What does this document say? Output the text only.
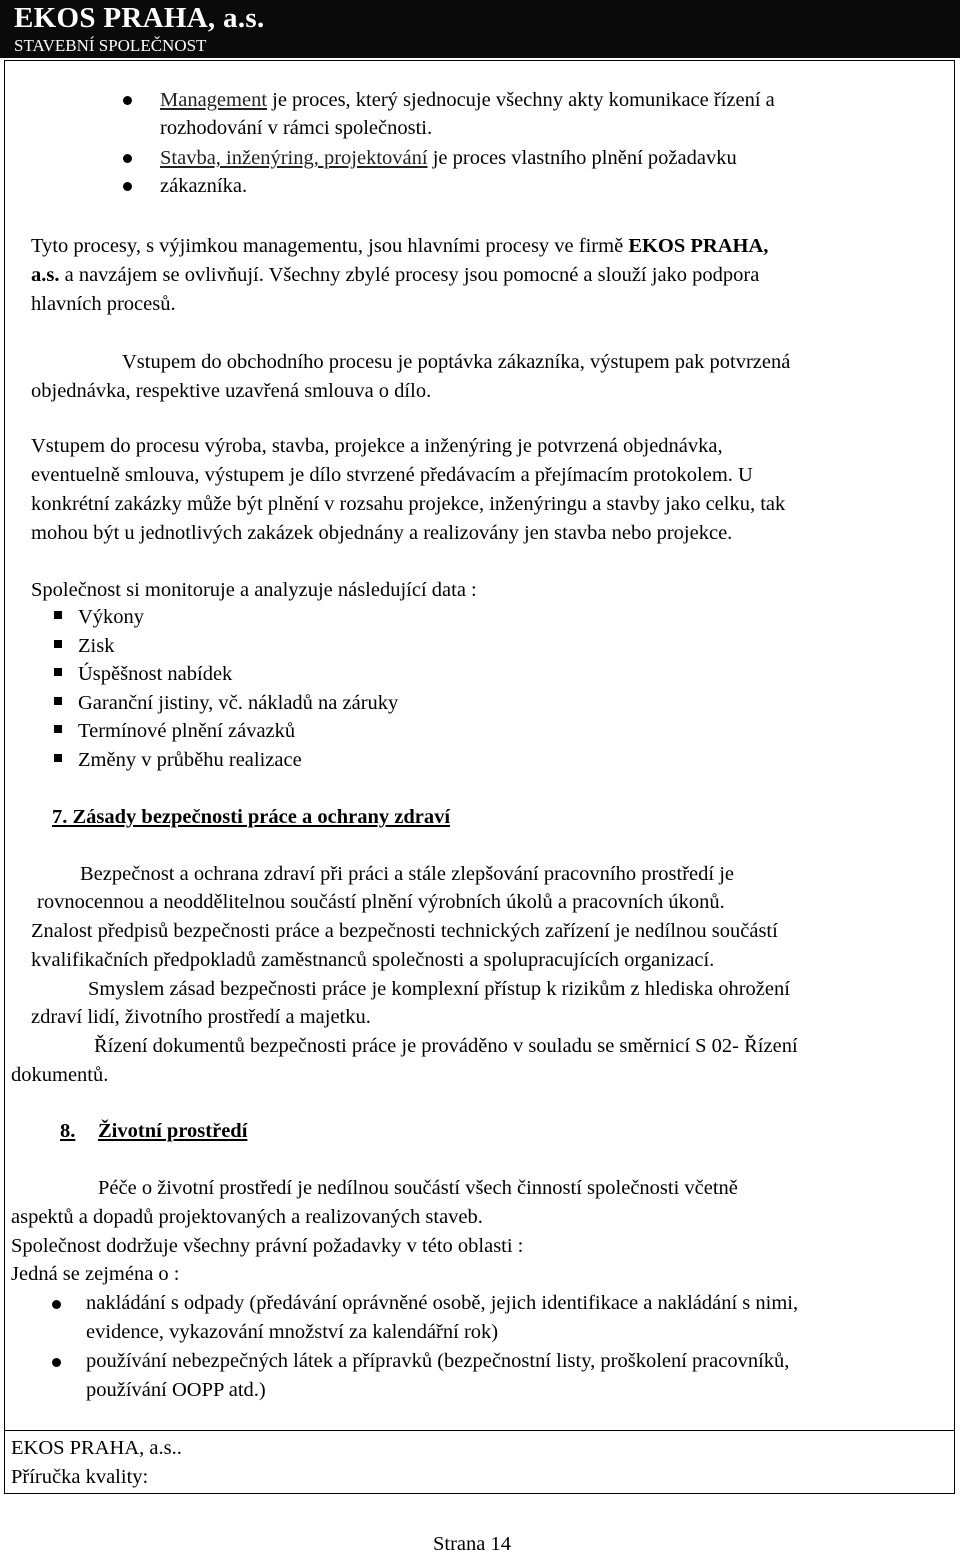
EKOS PRAHA, a.s.
STAVEBNÍ SPOLEČNOST
Management je proces, který sjednocuje všechny akty komunikace řízení a
rozhodování v rámci společnosti.
Stavba, inženýring, projektování je proces vlastního plnění požadavku
zákazníka.
Tyto procesy, s výjimkou managementu, jsou hlavními procesy ve firmě EKOS PRAHA,
a.s. a navzájem se ovlivňují. Všechny zbylé procesy jsou pomocné a slouží jako podpora
hlavních procesů.
Vstupem do obchodního procesu je poptávka zákazníka, výstupem pak potvrzená
objednávka, respektive uzavřená smlouva o dílo.
Vstupem do procesu výroba, stavba, projekce a inženýring je potvrzená objednávka,
eventuelně smlouva, výstupem je dílo stvrzené předávacím a přejímacím protokolem. U
konkrétní zakázky může být plnění v rozsahu projekce, inženýringu a stavby jako celku, tak
mohou být u jednotlivých zakázek objednány a realizovány jen stavba nebo projekce.
Společnost si monitoruje a analyzuje následující data :
Výkony
Zisk
Úspěšnost nabídek
Garanční jistiny, vč. nákladů na záruky
Termínové plnění závazků
Změny v průběhu realizace
7. Zásady bezpečnosti práce a ochrany zdraví
Bezpečnost a ochrana zdraví při práci a stále zlepšování pracovního prostředí je
rovnocennou a neoddělitelnou součástí plnění výrobních úkolů a pracovních úkonů.
Znalost předpisů bezpečnosti práce a bezpečnosti technických zařízení je nedílnou součástí
kvalifikačních předpokladů zaměstnanců společnosti a spolupracujících organizací.
Smyslem zásad bezpečnosti práce je komplexní přístup k rizikům z hlediska ohrožení
zdraví lidí, životního prostředí a majetku.
Řízení dokumentů bezpečnosti práce je prováděno v souladu se směrnicí S 02- Řízení
dokumentů.
8. Životní prostředí
Péče o životní prostředí je nedílnou součástí všech činností společnosti včetně
aspektů a dopadů projektovaných a realizovaných staveb.
Společnost dodržuje všechny právní požadavky v této oblasti :
Jedná se zejména o :
nakládání s odpady (předávání oprávněné osobě, jejich identifikace a nakládání s nimi,
evidence, vykazování množství za kalendářní rok)
používání nebezpečných látek a přípravků (bezpečnostní listy, proškolení pracovníků,
používání OOPP atd.)
EKOS PRAHA, a.s..
Příručka kvality:
Strana 14
